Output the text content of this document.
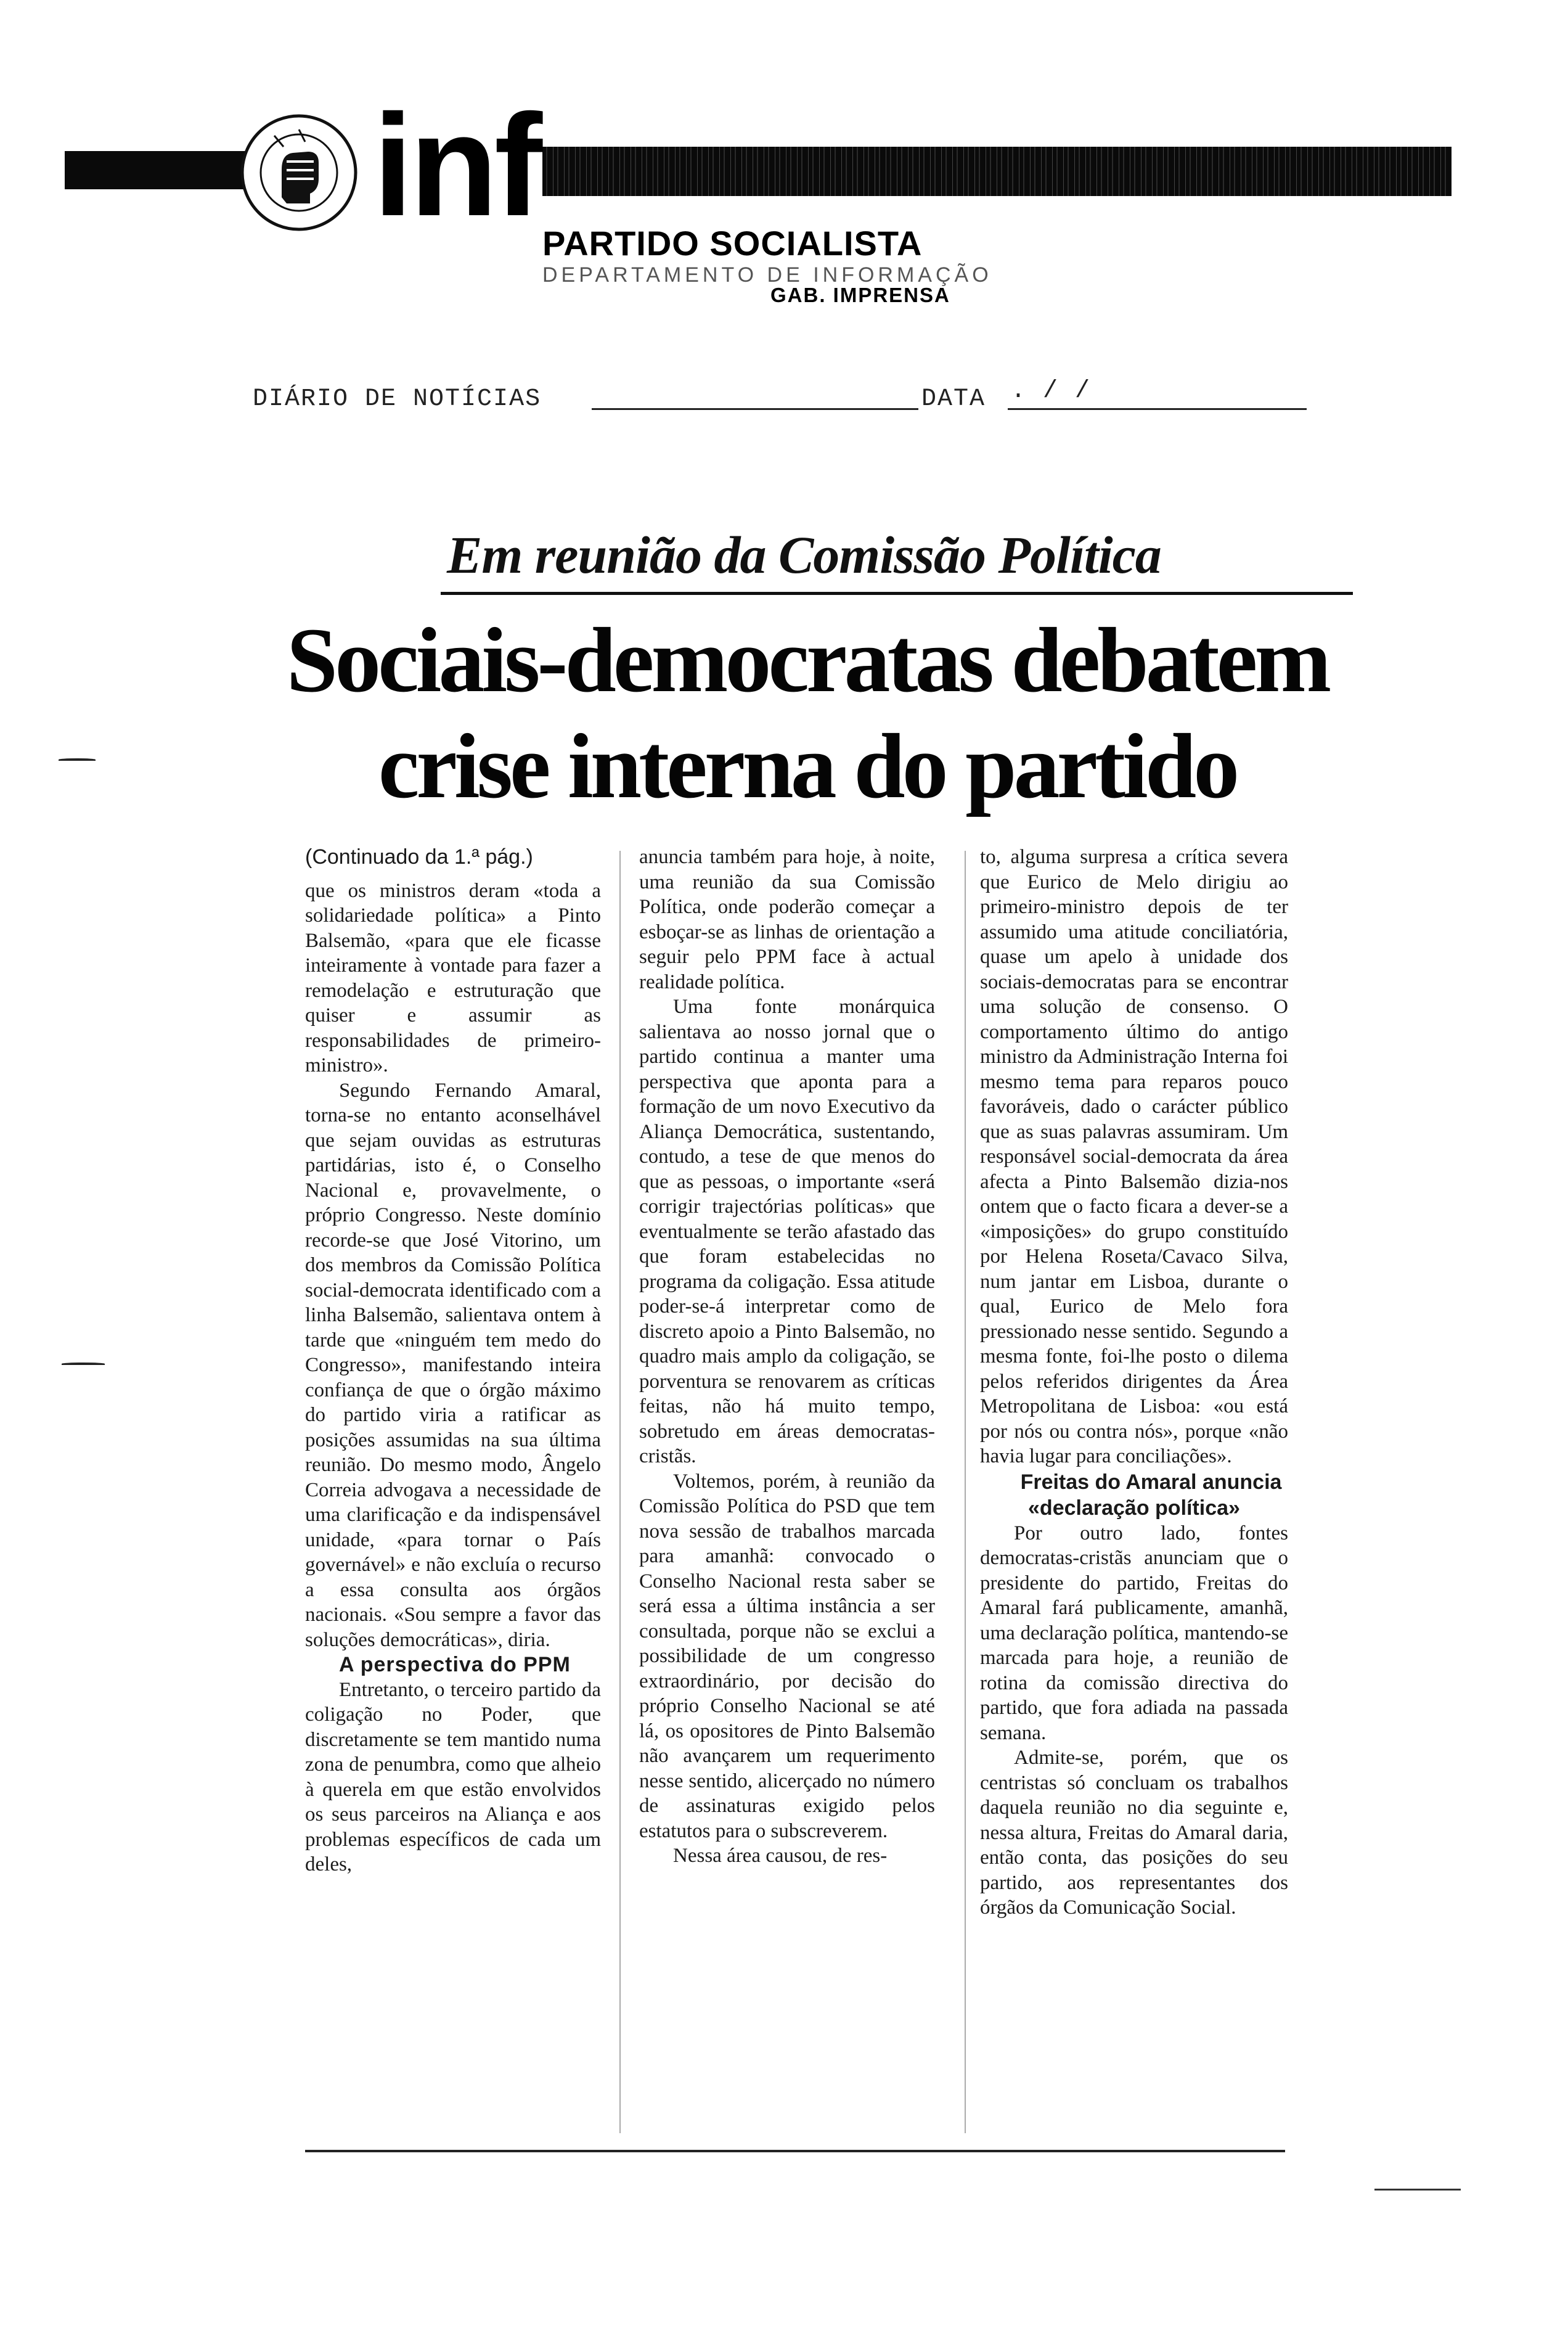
inf PARTIDO SOCIALISTA
DEPARTAMENTO DE INFORMAÇÃO
GAB. IMPRENSA
DIÁRIO DE NOTÍCIAS	DATA . / /
Em reunião da Comissão Política
Sociais-democratas debatem crise interna do partido
(Continuado da 1.ª pág.)

que os ministros deram «toda a solidariedade política» a Pinto Balsemão, «para que ele ficasse inteiramente à vontade para fazer a remodelação e estruturação que quiser e assumir as responsabilidades de primeiro-ministro».

Segundo Fernando Amaral, torna-se no entanto aconselhável que sejam ouvidas as estruturas partidárias, isto é, o Conselho Nacional e, provavelmente, o próprio Congresso. Neste domínio recorde-se que José Vitorino, um dos membros da Comissão Política social-democrata identificado com a linha Balsemão, salientava ontem à tarde que «ninguém tem medo do Congresso», manifestando inteira confiança de que o órgão máximo do partido viria a ratificar as posições assumidas na sua última reunião. Do mesmo modo, Ângelo Correia advogava a necessidade de uma clarificação e da indispensável unidade, «para tornar o País governável» e não excluía o recurso a essa consulta aos órgãos nacionais. «Sou sempre a favor das soluções democráticas», diria.

A perspectiva do PPM

Entretanto, o terceiro partido da coligação no Poder, que discretamente se tem mantido numa zona de penumbra, como que alheio à querela em que estão envolvidos os seus parceiros na Aliança e aos problemas específicos de cada um deles,

anuncia também para hoje, à noite, uma reunião da sua Comissão Política, onde poderão começar a esboçar-se as linhas de orientação a seguir pelo PPM face à actual realidade política.

Uma fonte monárquica salientava ao nosso jornal que o partido continua a manter uma perspectiva que aponta para a formação de um novo Executivo da Aliança Democrática, sustentando, contudo, a tese de que menos do que as pessoas, o importante «será corrigir trajectórias políticas» que eventualmente se terão afastado das que foram estabelecidas no programa da coligação. Essa atitude poder-se-á interpretar como de discreto apoio a Pinto Balsemão, no quadro mais amplo da coligação, se porventura se renovarem as críticas feitas, não há muito tempo, sobretudo em áreas democratas-cristãs.

Voltemos, porém, à reunião da Comissão Política do PSD que tem nova sessão de trabalhos marcada para amanhã: convocado o Conselho Nacional resta saber se será essa a última instância a ser consultada, porque não se exclui a possibilidade de um congresso extraordinário, por decisão do próprio Conselho Nacional se até lá, os opositores de Pinto Balsemão não avançarem um requerimento nesse sentido, alicerçado no número de assinaturas exigido pelos estatutos para o subscreverem.

Nessa área causou, de res-

to, alguma surpresa a crítica severa que Eurico de Melo dirigiu ao primeiro-ministro depois de ter assumido uma atitude conciliatória, quase um apelo à unidade dos sociais-democratas para se encontrar uma solução de consenso. O comportamento último do antigo ministro da Administração Interna foi mesmo tema para reparos pouco favoráveis, dado o carácter público que as suas palavras assumiram. Um responsável social-democrata da área afecta a Pinto Balsemão dizia-nos ontem que o facto ficara a dever-se a «imposições» do grupo constituído por Helena Roseta/Cavaco Silva, num jantar em Lisboa, durante o qual, Eurico de Melo fora pressionado nesse sentido. Segundo a mesma fonte, foi-lhe posto o dilema pelos referidos dirigentes da Área Metropolitana de Lisboa: «ou está por nós ou contra nós», porque «não havia lugar para conciliações».

Freitas do Amaral anuncia «declaração política»

Por outro lado, fontes democratas-cristãs anunciam que o presidente do partido, Freitas do Amaral fará publicamente, amanhã, uma declaração política, mantendo-se marcada para hoje, a reunião de rotina da comissão directiva do partido, que fora adiada na passada semana.

Admite-se, porém, que os centristas só concluam os trabalhos daquela reunião no dia seguinte e, nessa altura, Freitas do Amaral daria, então conta, das posições do seu partido, aos representantes dos órgãos da Comunicação Social.
